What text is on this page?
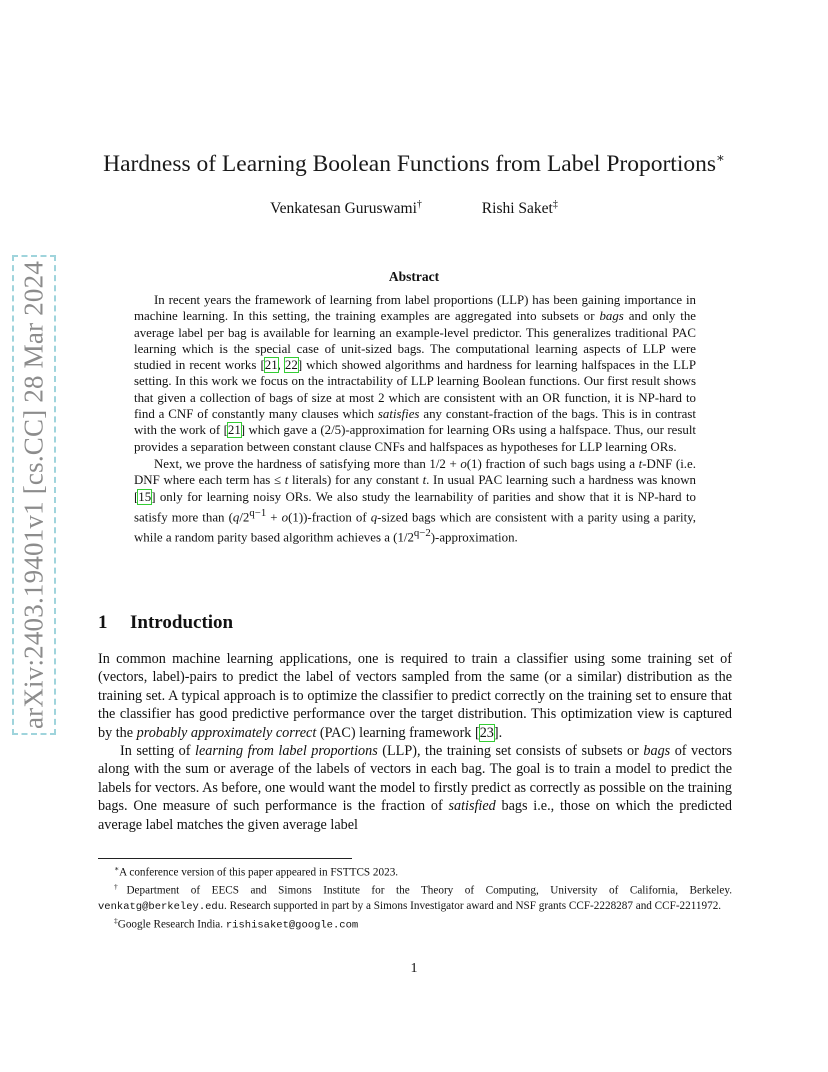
arXiv:2403.19401v1 [cs.CC] 28 Mar 2024
Hardness of Learning Boolean Functions from Label Proportions∗
Venkatesan Guruswami†	Rishi Saket‡
Abstract

In recent years the framework of learning from label proportions (LLP) has been gaining importance in machine learning. In this setting, the training examples are aggregated into subsets or bags and only the average label per bag is available for learning an example-level predictor. This generalizes traditional PAC learning which is the special case of unit-sized bags. The computational learning aspects of LLP were studied in recent works [21, 22] which showed algorithms and hardness for learning halfspaces in the LLP setting. In this work we focus on the intractability of LLP learning Boolean functions. Our first result shows that given a collection of bags of size at most 2 which are consistent with an OR function, it is NP-hard to find a CNF of constantly many clauses which satisfies any constant-fraction of the bags. This is in contrast with the work of [21] which gave a (2/5)-approximation for learning ORs using a halfspace. Thus, our result provides a separation between constant clause CNFs and halfspaces as hypotheses for LLP learning ORs.

Next, we prove the hardness of satisfying more than 1/2 + o(1) fraction of such bags using a t-DNF (i.e. DNF where each term has ≤ t literals) for any constant t. In usual PAC learning such a hardness was known [15] only for learning noisy ORs. We also study the learnability of parities and show that it is NP-hard to satisfy more than ($q/2^{q-1}$ + o(1))-fraction of q-sized bags which are consistent with a parity using a parity, while a random parity based algorithm achieves a $(1/2^{q-2})$-approximation.

1 Introduction

In common machine learning applications, one is required to train a classifier using some training set of (vectors, label)-pairs to predict the label of vectors sampled from the same (or a similar) distribution as the training set. A typical approach is to optimize the classifier to predict correctly on the training set to ensure that the classifier has good predictive performance over the target distribution. This optimization view is captured by the probably approximately correct (PAC) learning framework [23].

In setting of learning from label proportions (LLP), the training set consists of subsets or bags of vectors along with the sum or average of the labels of vectors in each bag. The goal is to train a model to predict the labels for vectors. As before, one would want the model to firstly predict as correctly as possible on the training bags. One measure of such performance is the fraction of satisfied bags i.e., those on which the predicted average label matches the given average label

∗A conference version of this paper appeared in FSTTCS 2023.

†Department of EECS and Simons Institute for the Theory of Computing, University of California, Berkeley. venkatg@berkeley.edu. Research supported in part by a Simons Investigator award and NSF grants CCF-2228287 and CCF-2211972.

‡Google Research India. rishisaket@google.com

1
